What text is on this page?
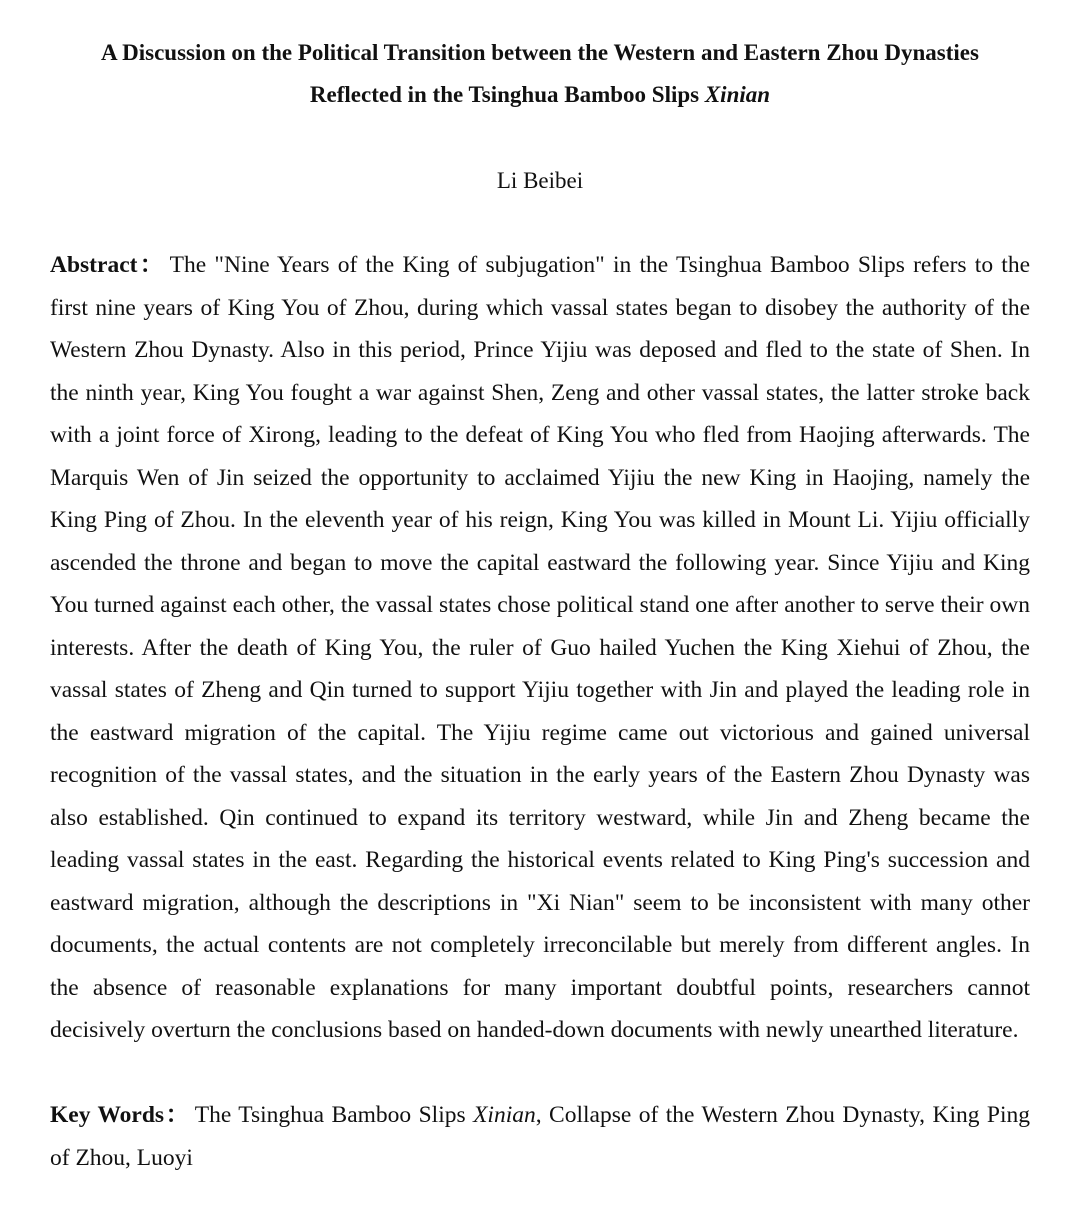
A Discussion on the Political Transition between the Western and Eastern Zhou Dynasties
Reflected in the Tsinghua Bamboo Slips Xinian
Li Beibei

Abstract： The "Nine Years of the King of subjugation" in the Tsinghua Bamboo Slips refers to the first nine years of King You of Zhou, during which vassal states began to disobey the authority of the Western Zhou Dynasty. Also in this period, Prince Yijiu was deposed and fled to the state of Shen. In the ninth year, King You fought a war against Shen, Zeng and other vassal states, the latter stroke back with a joint force of Xirong, leading to the defeat of King You who fled from Haojing afterwards. The Marquis Wen of Jin seized the opportunity to acclaimed Yijiu the new King in Haojing, namely the King Ping of Zhou. In the eleventh year of his reign, King You was killed in Mount Li. Yijiu officially ascended the throne and began to move the capital eastward the following year. Since Yijiu and King You turned against each other, the vassal states chose political stand one after another to serve their own interests. After the death of King You, the ruler of Guo hailed Yuchen the King Xiehui of Zhou, the vassal states of Zheng and Qin turned to support Yijiu together with Jin and played the leading role in the eastward migration of the capital. The Yijiu regime came out victorious and gained universal recognition of the vassal states, and the situation in the early years of the Eastern Zhou Dynasty was also established. Qin continued to expand its territory westward, while Jin and Zheng became the leading vassal states in the east. Regarding the historical events related to King Ping's succession and eastward migration, although the descriptions in "Xi Nian" seem to be inconsistent with many other documents, the actual contents are not completely irreconcilable but merely from different angles. In the absence of reasonable explanations for many important doubtful points, researchers cannot decisively overturn the conclusions based on handed-down documents with newly unearthed literature.

Key Words： The Tsinghua Bamboo Slips Xinian, Collapse of the Western Zhou Dynasty, King Ping of Zhou, Luoyi
